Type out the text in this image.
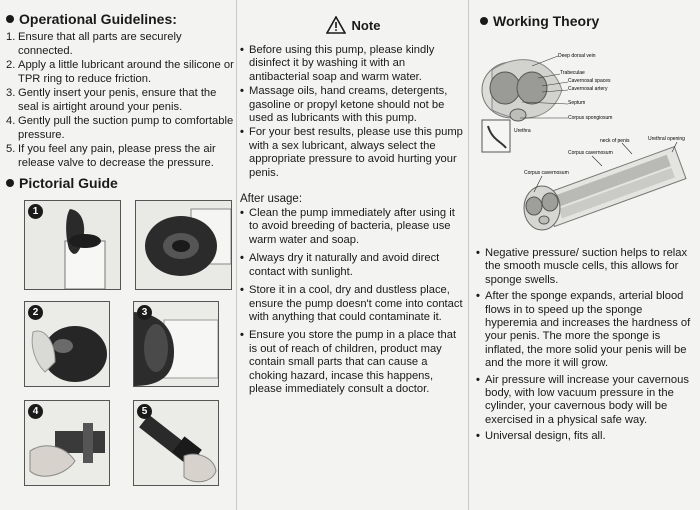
Operational Guidelines:
1. Ensure that all parts are securely connected.
2. Apply a little lubricant around the silicone or TPR ring to reduce friction.
3. Gently insert your penis, ensure that the seal is airtight around your penis.
4. Gently pull the suction pump to comfortable pressure.
5. If you feel any pain, please press the air release valve to decrease the pressure.
Pictorial Guide
1
2	3
4	5
Note
• Before using this pump, please kindly disinfect it by washing it with an antibacterial soap and warm water.
• Massage oils, hand creams, detergents, gasoline or propyl ketone should not be used as lubricants with this pump.
• For your best results, please use this pump with a sex lubricant, always select the appropriate pressure to avoid hurting your penis.
After usage:
• Clean the pump immediately after using it to avoid breeding of bacteria, please use warm water and soap.
• Always dry it naturally and avoid direct contact with sunlight.
• Store it in a cool, dry and dustless place, ensure the pump doesn't come into contact with anything that could contaminate it.
• Ensure you store the pump in a place that is out of reach of children, product may contain small parts that can cause a choking hazard, incase this happens, please immediately consult a doctor.
Working Theory
Deep dorsal vein
Trabeculae
Cavernosal spaces
Cavernosal artery
Septum
Corpus spongiosum
Urethra
neck of penis	Urethral opening
Corpus cavernosum
Corpus cavernosum
• Negative pressure/ suction helps to relax the smooth muscle cells, this allows for sponge swells.
• After the sponge expands, arterial blood flows in to speed up the sponge hyperemia and increases the hardness of your penis. The more the sponge is inflated, the more solid your penis will be and the more it will grow.
• Air pressure will increase your cavernous body, with low vacuum pressure in the cylinder, your cavernous body will be exercised in a physical safe way.
• Universal design, fits all.
